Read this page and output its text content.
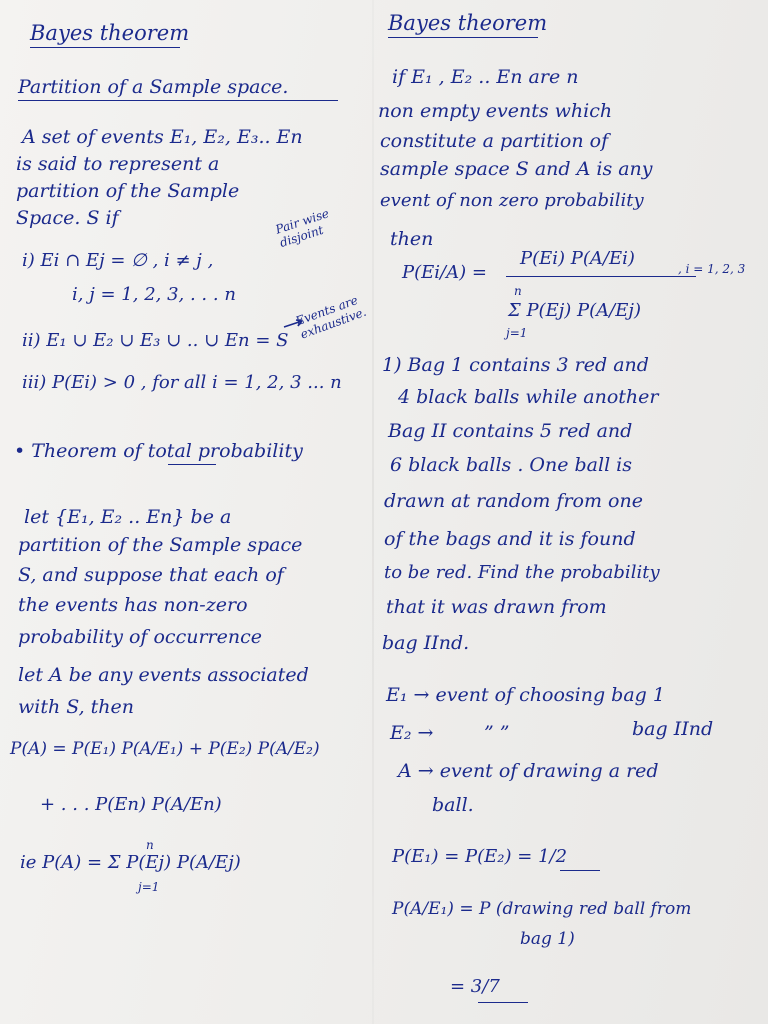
Bayes theorem
Partition of a Sample space.
A set of events E₁, E₂, E₃.. En
is said to represent a
partition of the Sample
Space. S if	Pair wise disjoint
i) Ei ∩ Ej = ∅ , i ≠ j ,
i, j = 1, 2, 3, . . . n	Events are exhaustive.
ii) E₁ ∪ E₂ ∪ E₃ ∪ .. ∪ En = S
iii) P(Ei) > 0 , for all i = 1, 2, 3 ... n
• Theorem of total probability
let {E₁, E₂ .. En} be a
partition of the Sample space
S, and suppose that each of
the events has non-zero
probability of occurrence
let A be any events associated
with S, then
P(A) = P(E₁) P(A/E₁) + P(E₂) P(A/E₂)
+ . . . P(En) P(A/En)
ie P(A) = Σ P(Ej) P(A/Ej)
n
j=1
Bayes theorem
if E₁ , E₂ .. En are n
non empty events which
constitute a partition of
sample space S and A is any
event of non zero probability
then
P(Ei/A) =
P(Ei) P(A/Ei)	, i = 1, 2, 3
n
Σ P(Ej) P(A/Ej)
j=1
1) Bag 1 contains 3 red and
4 black balls while another
Bag II contains 5 red and
6 black balls . One ball is
drawn at random from one
of the bags and it is found
to be red. Find the probability
that it was drawn from
bag IInd.
E₁ → event of choosing bag 1
E₂ →	” ”	bag IInd
A → event of drawing a red
ball.
P(E₁) = P(E₂) = 1/2
P(A/E₁) = P (drawing red ball from
bag 1)
= 3/7
